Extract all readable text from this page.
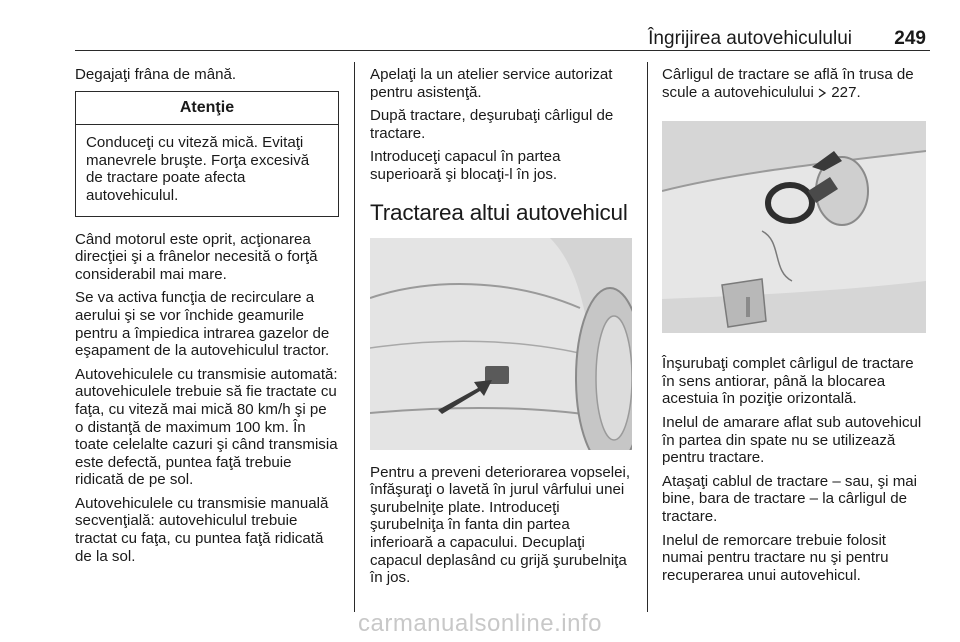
Îngrijirea autovehiculului 249

Degajaţi frâna de mână.

Atenţie
Conduceţi cu viteză mică. Evitaţi manevrele bruşte. Forţa excesivă de tractare poate afecta autovehiculul.

Când motorul este oprit, acţionarea direcţiei şi a frânelor necesită o forţă considerabil mai mare.

Se va activa funcţia de recirculare a aerului şi se vor închide geamurile pentru a împiedica intrarea gazelor de eşapament de la autovehiculul tractor.

Autovehiculele cu transmisie automată: autovehiculele trebuie să fie tractate cu faţa, cu viteză mai mică 80 km/h şi pe o distanţă de maximum 100 km. În toate celelalte cazuri şi când transmisia este defectă, puntea faţă trebuie ridicată de pe sol.

Autovehiculele cu transmisie manuală secvenţială: autovehiculul trebuie tractat cu faţa, cu puntea faţă ridicată de la sol.

Apelaţi la un atelier service autorizat pentru asistenţă.

După tractare, deşurubaţi cârligul de tractare.

Introduceţi capacul în partea superioară şi blocaţi-l în jos.

Tractarea altui autovehicul

Pentru a preveni deteriorarea vopselei, înfăşuraţi o lavetă în jurul vârfului unei şurubelniţe plate. Introduceţi şurubelniţa în fanta din partea inferioară a capacului. Decuplaţi capacul deplasând cu grijă şurubelniţa în jos.

Cârligul de tractare se află în trusa de scule a autovehiculului 227.

Înşurubaţi complet cârligul de tractare în sens antiorar, până la blocarea acestuia în poziţie orizontală.

Inelul de amarare aflat sub autovehicul în partea din spate nu se utilizează pentru tractare.

Ataşaţi cablul de tractare – sau, şi mai bine, bara de tractare – la cârligul de tractare.

Inelul de remorcare trebuie folosit numai pentru tractare nu şi pentru recuperarea unui autovehicul.

carmanualsonline.info
